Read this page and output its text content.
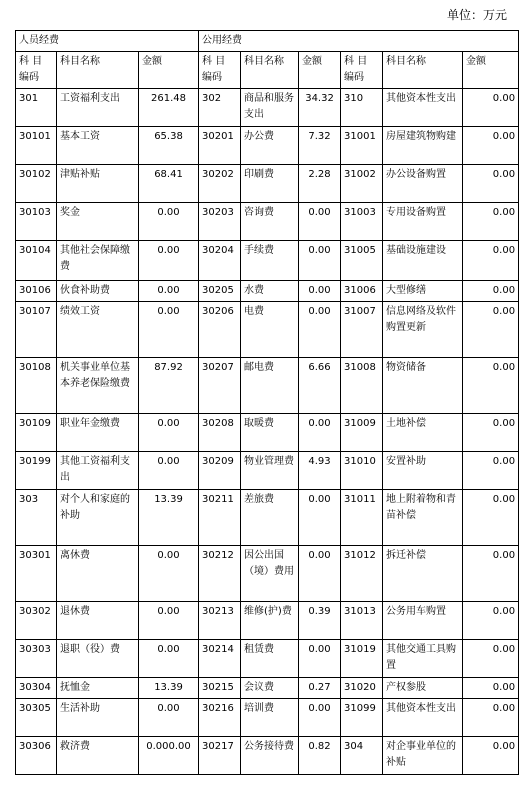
单位：万元
人员经费			公用经费					
科 目 编码	科目名称	金额	科 目 编码	科目名称	金额	科 目 编码	科目名称	金额
301	工资福利支出	261.48	302	商品和服务支出	34.32	310	其他资本性支出	0.00
30101	基本工资	65.38	30201	办公费	7.32	31001	房屋建筑物购建	0.00
30102	津贴补贴	68.41	30202	印刷费	2.28	31002	办公设备购置	0.00
30103	奖金	0.00	30203	咨询费	0.00	31003	专用设备购置	0.00
30104	其他社会保障缴费	0.00	30204	手续费	0.00	31005	基础设施建设	0.00
30106	伙食补助费	0.00	30205	水费	0.00	31006	大型修缮	0.00
30107	绩效工资	0.00	30206	电费	0.00	31007	信息网络及软件购置更新	0.00
30108	机关事业单位基本养老保险缴费	87.92	30207	邮电费	6.66	31008	物资储备	0.00
30109	职业年金缴费	0.00	30208	取暖费	0.00	31009	土地补偿	0.00
30199	其他工资福利支出	0.00	30209	物业管理费	4.93	31010	安置补助	0.00
303	对个人和家庭的补助	13.39	30211	差旅费	0.00	31011	地上附着物和青苗补偿	0.00
30301	离休费	0.00	30212	因公出国（境）费用	0.00	31012	拆迁补偿	0.00
30302	退休费	0.00	30213	维修(护)费	0.39	31013	公务用车购置	0.00
30303	退职（役）费	0.00	30214	租赁费	0.00	31019	其他交通工具购置	0.00
30304	抚恤金	13.39	30215	会议费	0.27	31020	产权参股	0.00
30305	生活补助	0.00	30216	培训费	0.00	31099	其他资本性支出	0.00
30306	救济费	0.000.00	30217	公务接待费	0.82	304	对企事业单位的补贴	0.00
